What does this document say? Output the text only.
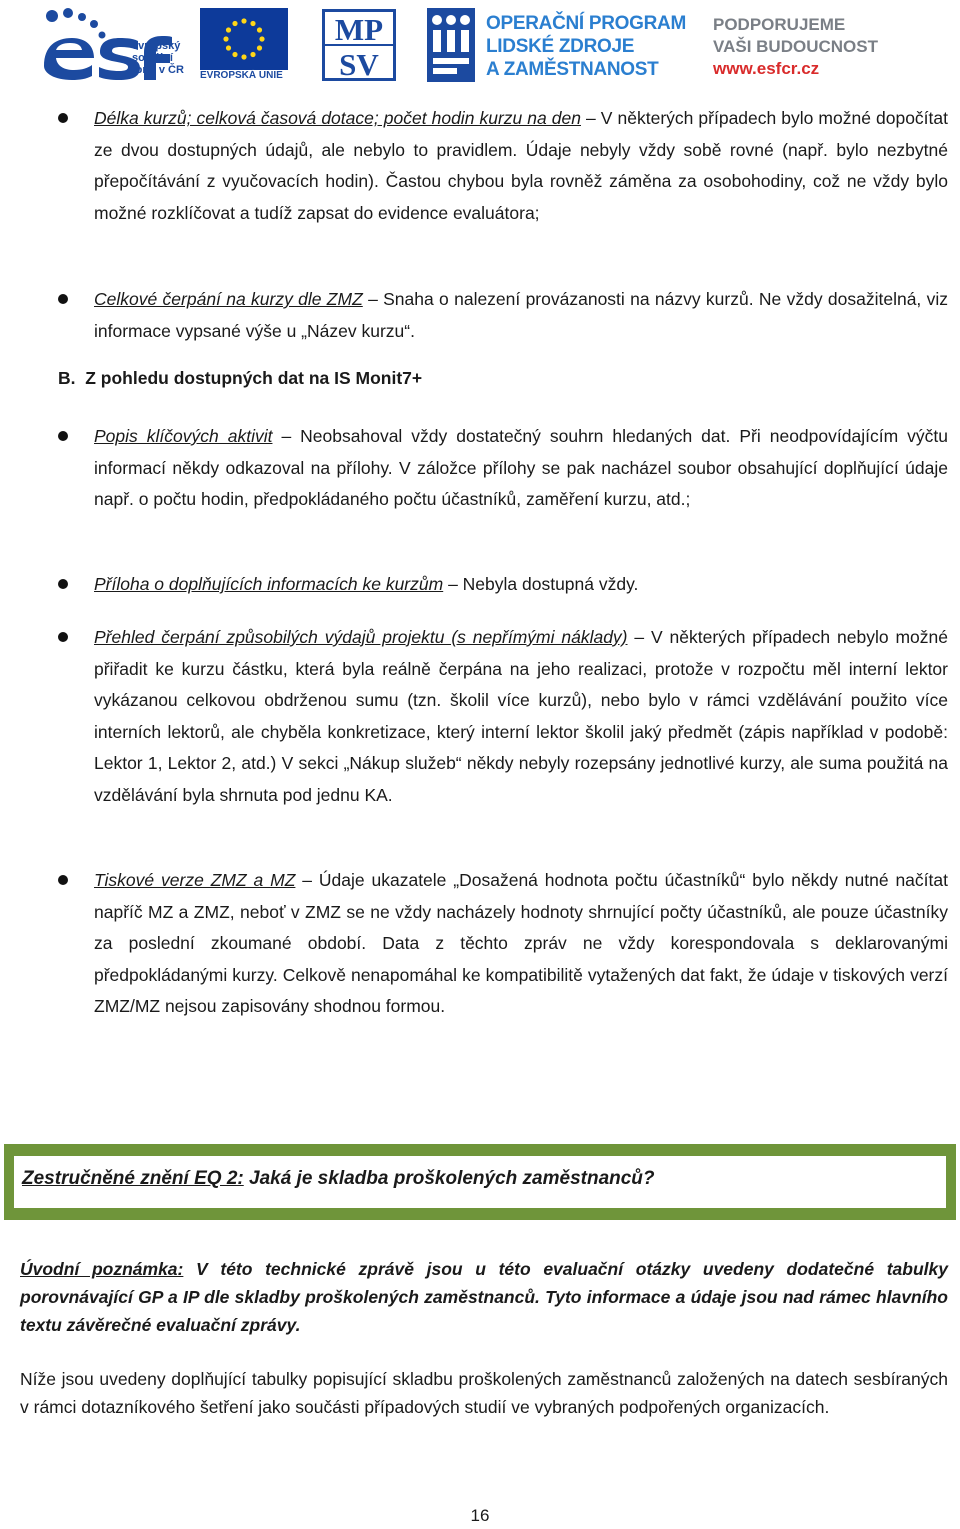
evropský
sociální
fond v ČR EVROPSKÁ UNIE
MP
SV
OPERAČNÍ PROGRAM
LIDSKÉ ZDROJE
A ZAMĚSTNANOST
PODPORUJEME
VAŠI BUDOUCNOST
www.esfcr.cz

Délka kurzů; celková časová dotace; počet hodin kurzu na den – V některých případech bylo možné dopočítat ze dvou dostupných údajů, ale nebylo to pravidlem. Údaje nebyly vždy sobě rovné (např. bylo nezbytné přepočítávání z vyučovacích hodin). Častou chybou byla rovněž záměna za osobohodiny, což ne vždy bylo možné rozklíčovat a tudíž zapsat do evidence evaluátora;

Celkové čerpání na kurzy dle ZMZ – Snaha o nalezení provázanosti na názvy kurzů. Ne vždy dosažitelná, viz informace vypsané výše u „Název kurzu“.

B. Z pohledu dostupných dat na IS Monit7+

Popis klíčových aktivit – Neobsahoval vždy dostatečný souhrn hledaných dat. Při neodpovídajícím výčtu informací někdy odkazoval na přílohy. V záložce přílohy se pak nacházel soubor obsahující doplňující údaje např. o počtu hodin, předpokládaného počtu účastníků, zaměření kurzu, atd.;

Příloha o doplňujících informacích ke kurzům – Nebyla dostupná vždy.

Přehled čerpání způsobilých výdajů projektu (s nepřímými náklady) – V některých případech nebylo možné přiřadit ke kurzu částku, která byla reálně čerpána na jeho realizaci, protože v rozpočtu měl interní lektor vykázanou celkovou obdrženou sumu (tzn. školil více kurzů), nebo bylo v rámci vzdělávání použito více interních lektorů, ale chyběla konkretizace, který interní lektor školil jaký předmět (zápis například v podobě: Lektor 1, Lektor 2, atd.) V sekci „Nákup služeb“ někdy nebyly rozepsány jednotlivé kurzy, ale suma použitá na vzdělávání byla shrnuta pod jednu KA.

Tiskové verze ZMZ a MZ – Údaje ukazatele „Dosažená hodnota počtu účastníků“ bylo někdy nutné načítat napříč MZ a ZMZ, neboť v ZMZ se ne vždy nacházely hodnoty shrnující počty účastníků, ale pouze účastníky za poslední zkoumané období. Data z těchto zpráv ne vždy korespondovala s deklarovanými předpokládanými kurzy. Celkově nenapomáhal ke kompatibilitě vytažených dat fakt, že údaje v tiskových verzí ZMZ/MZ nejsou zapisovány shodnou formou.

Zestručněné znění EQ 2: Jaká je skladba proškolených zaměstnanců?

Úvodní poznámka: V této technické zprávě jsou u této evaluační otázky uvedeny dodatečné tabulky porovnávající GP a IP dle skladby proškolených zaměstnanců. Tyto informace a údaje jsou nad rámec hlavního textu závěrečné evaluační zprávy.

Níže jsou uvedeny doplňující tabulky popisující skladbu proškolených zaměstnanců založených na datech sesbíraných v rámci dotazníkového šetření jako součásti případových studií ve vybraných podpořených organizacích.

16
